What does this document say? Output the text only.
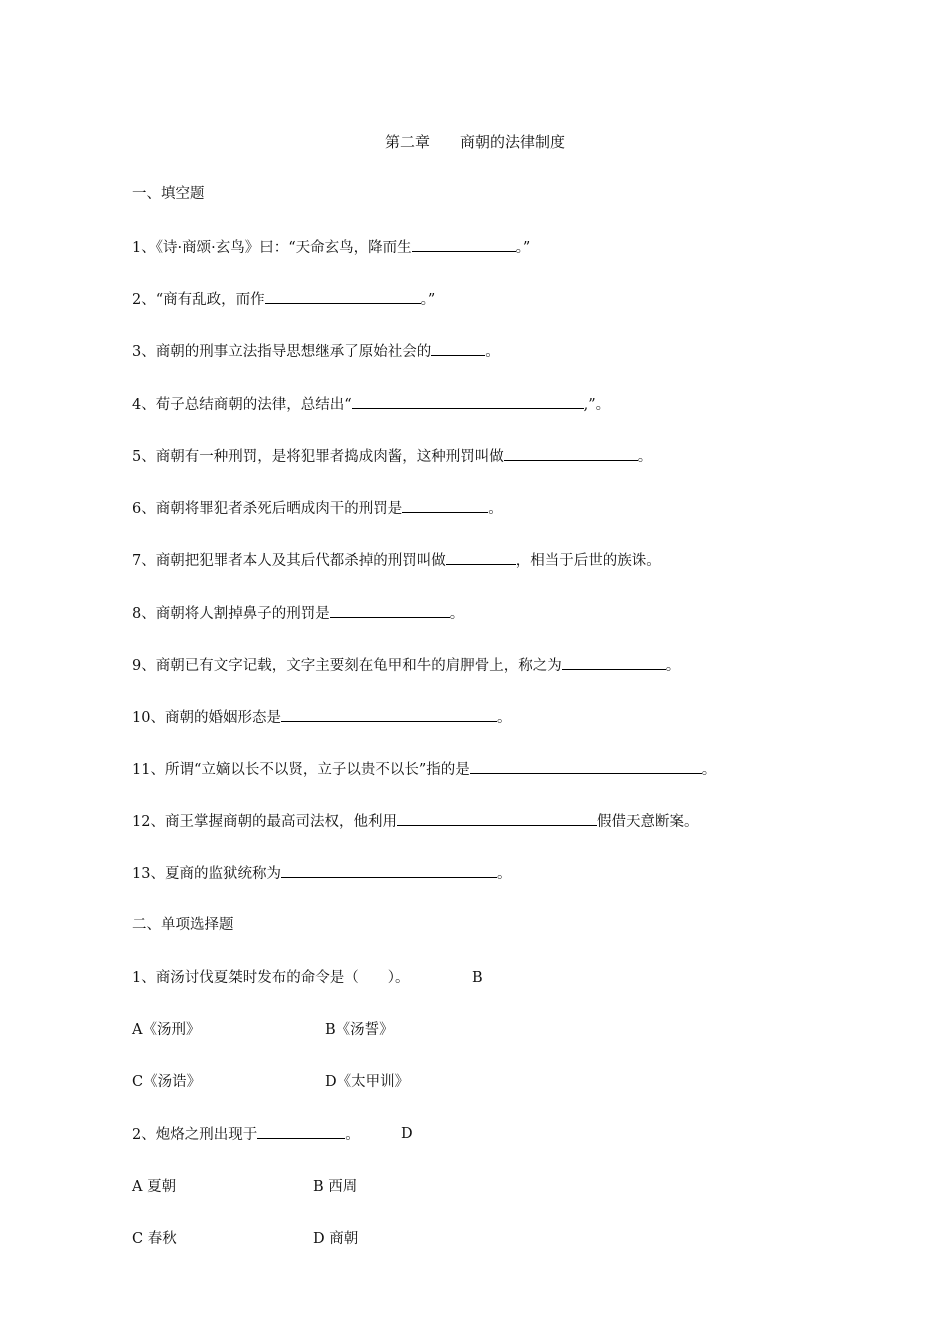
第二章　　商朝的法律制度
一、填空题
1、《诗·商颂·玄鸟》曰：“天命玄鸟，降而生	。”
2、“商有乱政，而作	。”
3、商朝的刑事立法指导思想继承了原始社会的	。
4、荀子总结商朝的法律，总结出“	,”。
5、商朝有一种刑罚，是将犯罪者捣成肉酱，这种刑罚叫做	。
6、商朝将罪犯者杀死后晒成肉干的刑罚是	。
7、商朝把犯罪者本人及其后代都杀掉的刑罚叫做	，相当于后世的族诛。
8、商朝将人割掉鼻子的刑罚是	。
9、商朝已有文字记载，文字主要刻在龟甲和牛的肩胛骨上，称之为	。
10、商朝的婚姻形态是	。
11、所谓“立嫡以长不以贤，立子以贵不以长”指的是	。
12、商王掌握商朝的最高司法权，他利用	假借天意断案。
13、夏商的监狱统称为	。
二、单项选择题
1、商汤讨伐夏桀时发布的命令是（　　）。	B
A《汤刑》	B《汤誓》
C《汤诰》	D《太甲训》
2、炮烙之刑出现于	。	D
A 夏朝	B 西周
C 春秋	D 商朝
